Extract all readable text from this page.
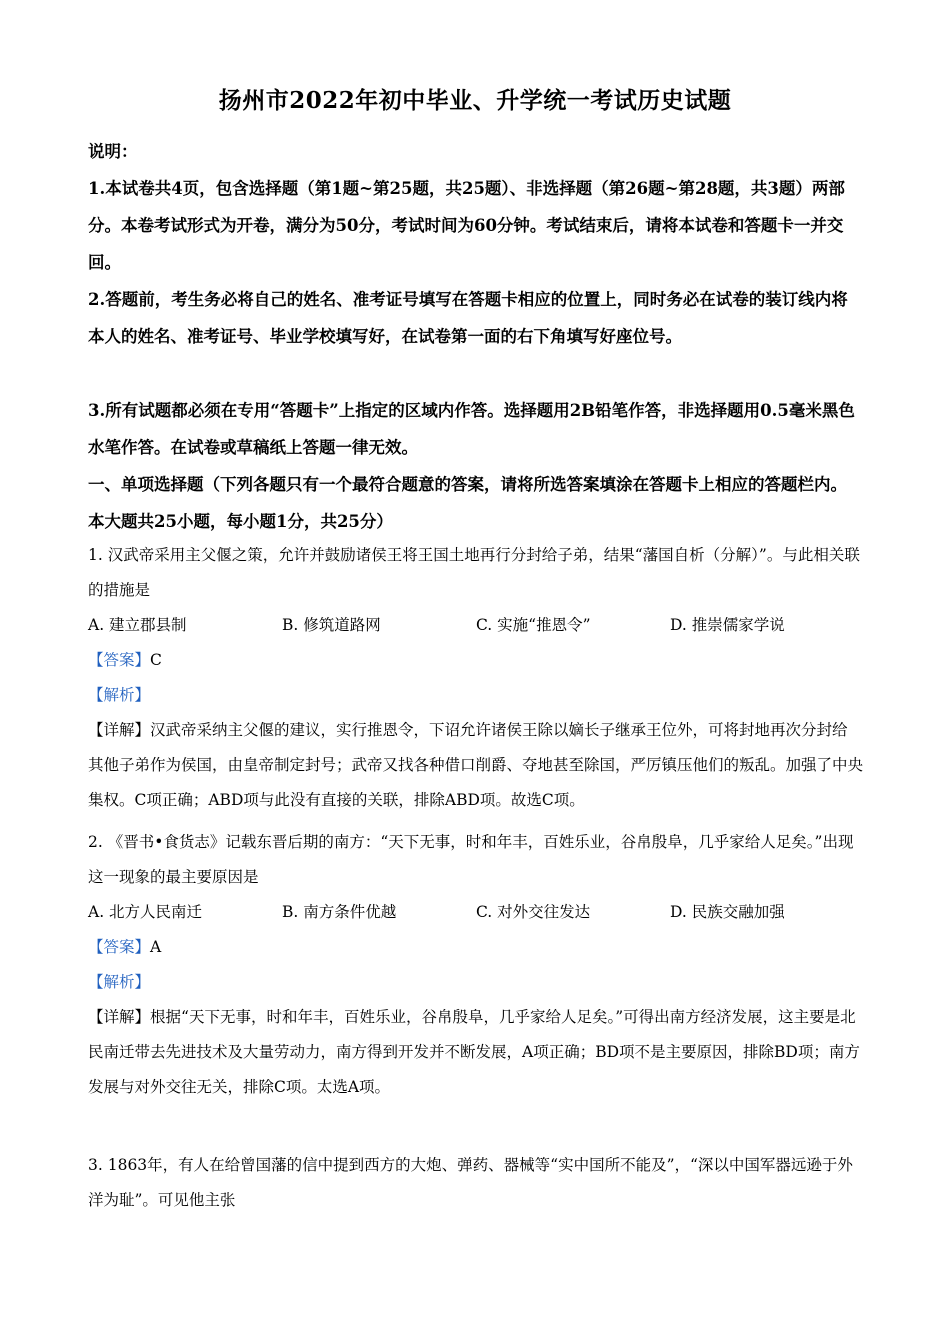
扬州市2022年初中毕业、升学统一考试历史试题
说明：
1.本试卷共4页，包含选择题（第1题~第25题，共25题）、非选择题（第26题~第28题，共3题）两部分。本卷考试形式为开卷，满分为50分，考试时间为60分钟。考试结束后，请将本试卷和答题卡一并交回。
2.答题前，考生务必将自己的姓名、准考证号填写在答题卡相应的位置上，同时务必在试卷的装订线内将本人的姓名、准考证号、毕业学校填写好，在试卷第一面的右下角填写好座位号。
3.所有试题都必须在专用“答题卡”上指定的区域内作答。选择题用2B铅笔作答，非选择题用0.5毫米黑色水笔作答。在试卷或草稿纸上答题一律无效。
一、单项选择题（下列各题只有一个最符合题意的答案，请将所选答案填涂在答题卡上相应的答题栏内。本大题共25小题，每小题1分，共25分）
1. 汉武帝采用主父偃之策，允许并鼓励诸侯王将王国土地再行分封给子弟，结果“藩国自析（分解）”。与此相关联的措施是
A. 建立郡县制	B. 修筑道路网	C. 实施“推恩令”	D. 推崇儒家学说
【答案】C
【解析】
【详解】汉武帝采纳主父偃的建议，实行推恩令，下诏允许诸侯王除以嫡长子继承王位外，可将封地再次分封给其他子弟作为侯国，由皇帝制定封号；武帝又找各种借口削爵、夺地甚至除国，严厉镇压他们的叛乱。加强了中央集权。C项正确；ABD项与此没有直接的关联，排除ABD项。故选C项。
2. 《晋书•食货志》记载东晋后期的南方：“天下无事，时和年丰，百姓乐业，谷帛殷阜，几乎家给人足矣。”出现这一现象的最主要原因是
A. 北方人民南迁	B. 南方条件优越	C. 对外交往发达	D. 民族交融加强
【答案】A
【解析】
【详解】根据“天下无事，时和年丰，百姓乐业，谷帛殷阜，几乎家给人足矣。”可得出南方经济发展，这主要是北民南迁带去先进技术及大量劳动力，南方得到开发并不断发展，A项正确；BD项不是主要原因，排除BD项；南方发展与对外交往无关，排除C项。太选A项。
3. 1863年，有人在给曾国藩的信中提到西方的大炮、弹药、器械等“实中国所不能及”，“深以中国军器远逊于外洋为耻”。可见他主张
